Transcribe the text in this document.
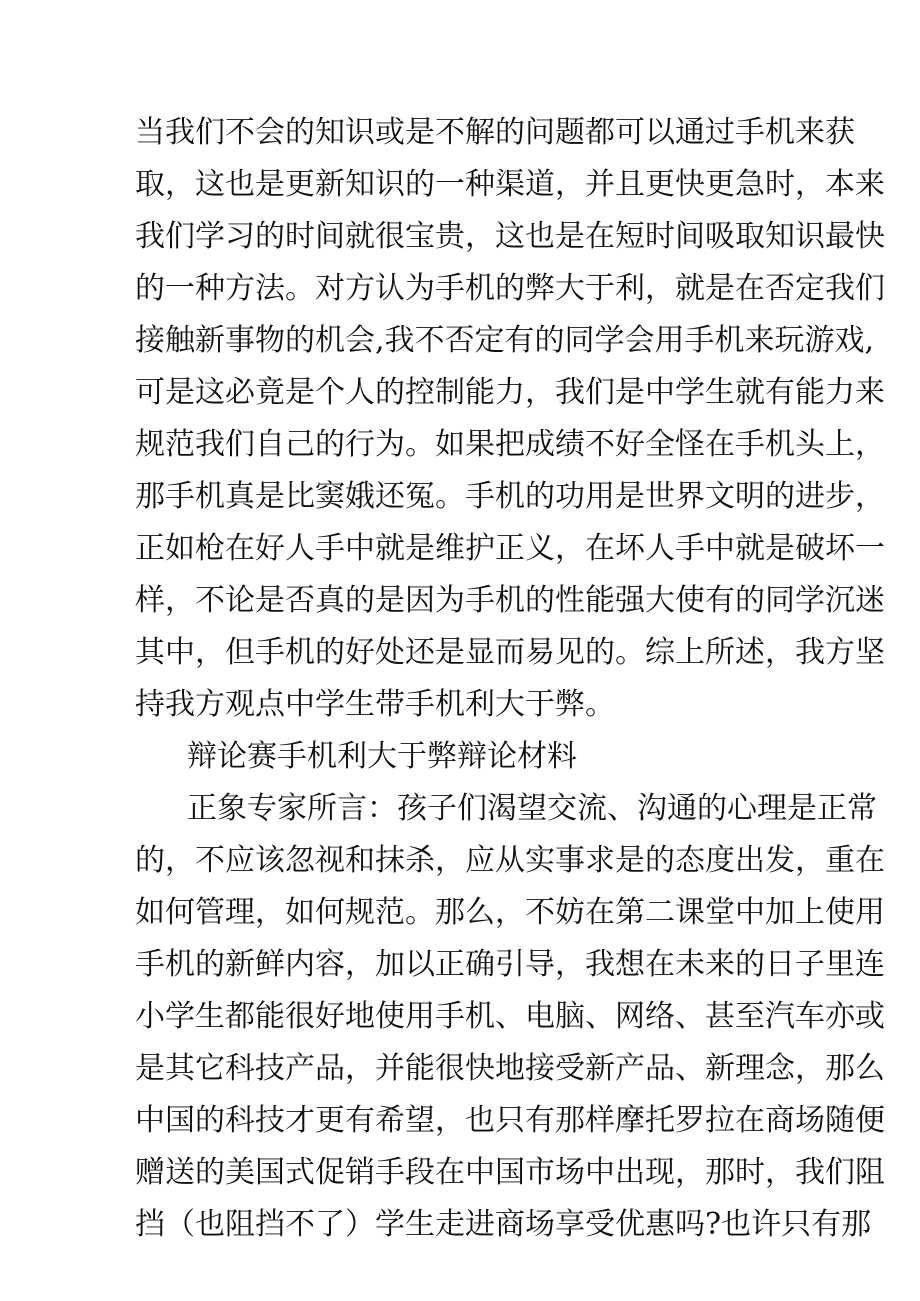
当我们不会的知识或是不解的问题都可以通过手机来获
取，这也是更新知识的一种渠道，并且更快更急时，本来
我们学习的时间就很宝贵，这也是在短时间吸取知识最快
的一种方法。对方认为手机的弊大于利，就是在否定我们
接触新事物的机会,我不否定有的同学会用手机来玩游戏,
可是这必竟是个人的控制能力，我们是中学生就有能力来
规范我们自己的行为。如果把成绩不好全怪在手机头上，
那手机真是比窦娥还冤。手机的功用是世界文明的进步，
正如枪在好人手中就是维护正义，在坏人手中就是破坏一
样，不论是否真的是因为手机的性能强大使有的同学沉迷
其中，但手机的好处还是显而易见的。综上所述，我方坚
持我方观点中学生带手机利大于弊。
辩论赛手机利大于弊辩论材料
正象专家所言：孩子们渴望交流、沟通的心理是正常
的，不应该忽视和抹杀，应从实事求是的态度出发，重在
如何管理，如何规范。那么，不妨在第二课堂中加上使用
手机的新鲜内容，加以正确引导，我想在未来的日子里连
小学生都能很好地使用手机、电脑、网络、甚至汽车亦或
是其它科技产品，并能很快地接受新产品、新理念，那么
中国的科技才更有希望，也只有那样摩托罗拉在商场随便
赠送的美国式促销手段在中国市场中出现，那时，我们阻
挡（也阻挡不了）学生走进商场享受优惠吗?也许只有那
